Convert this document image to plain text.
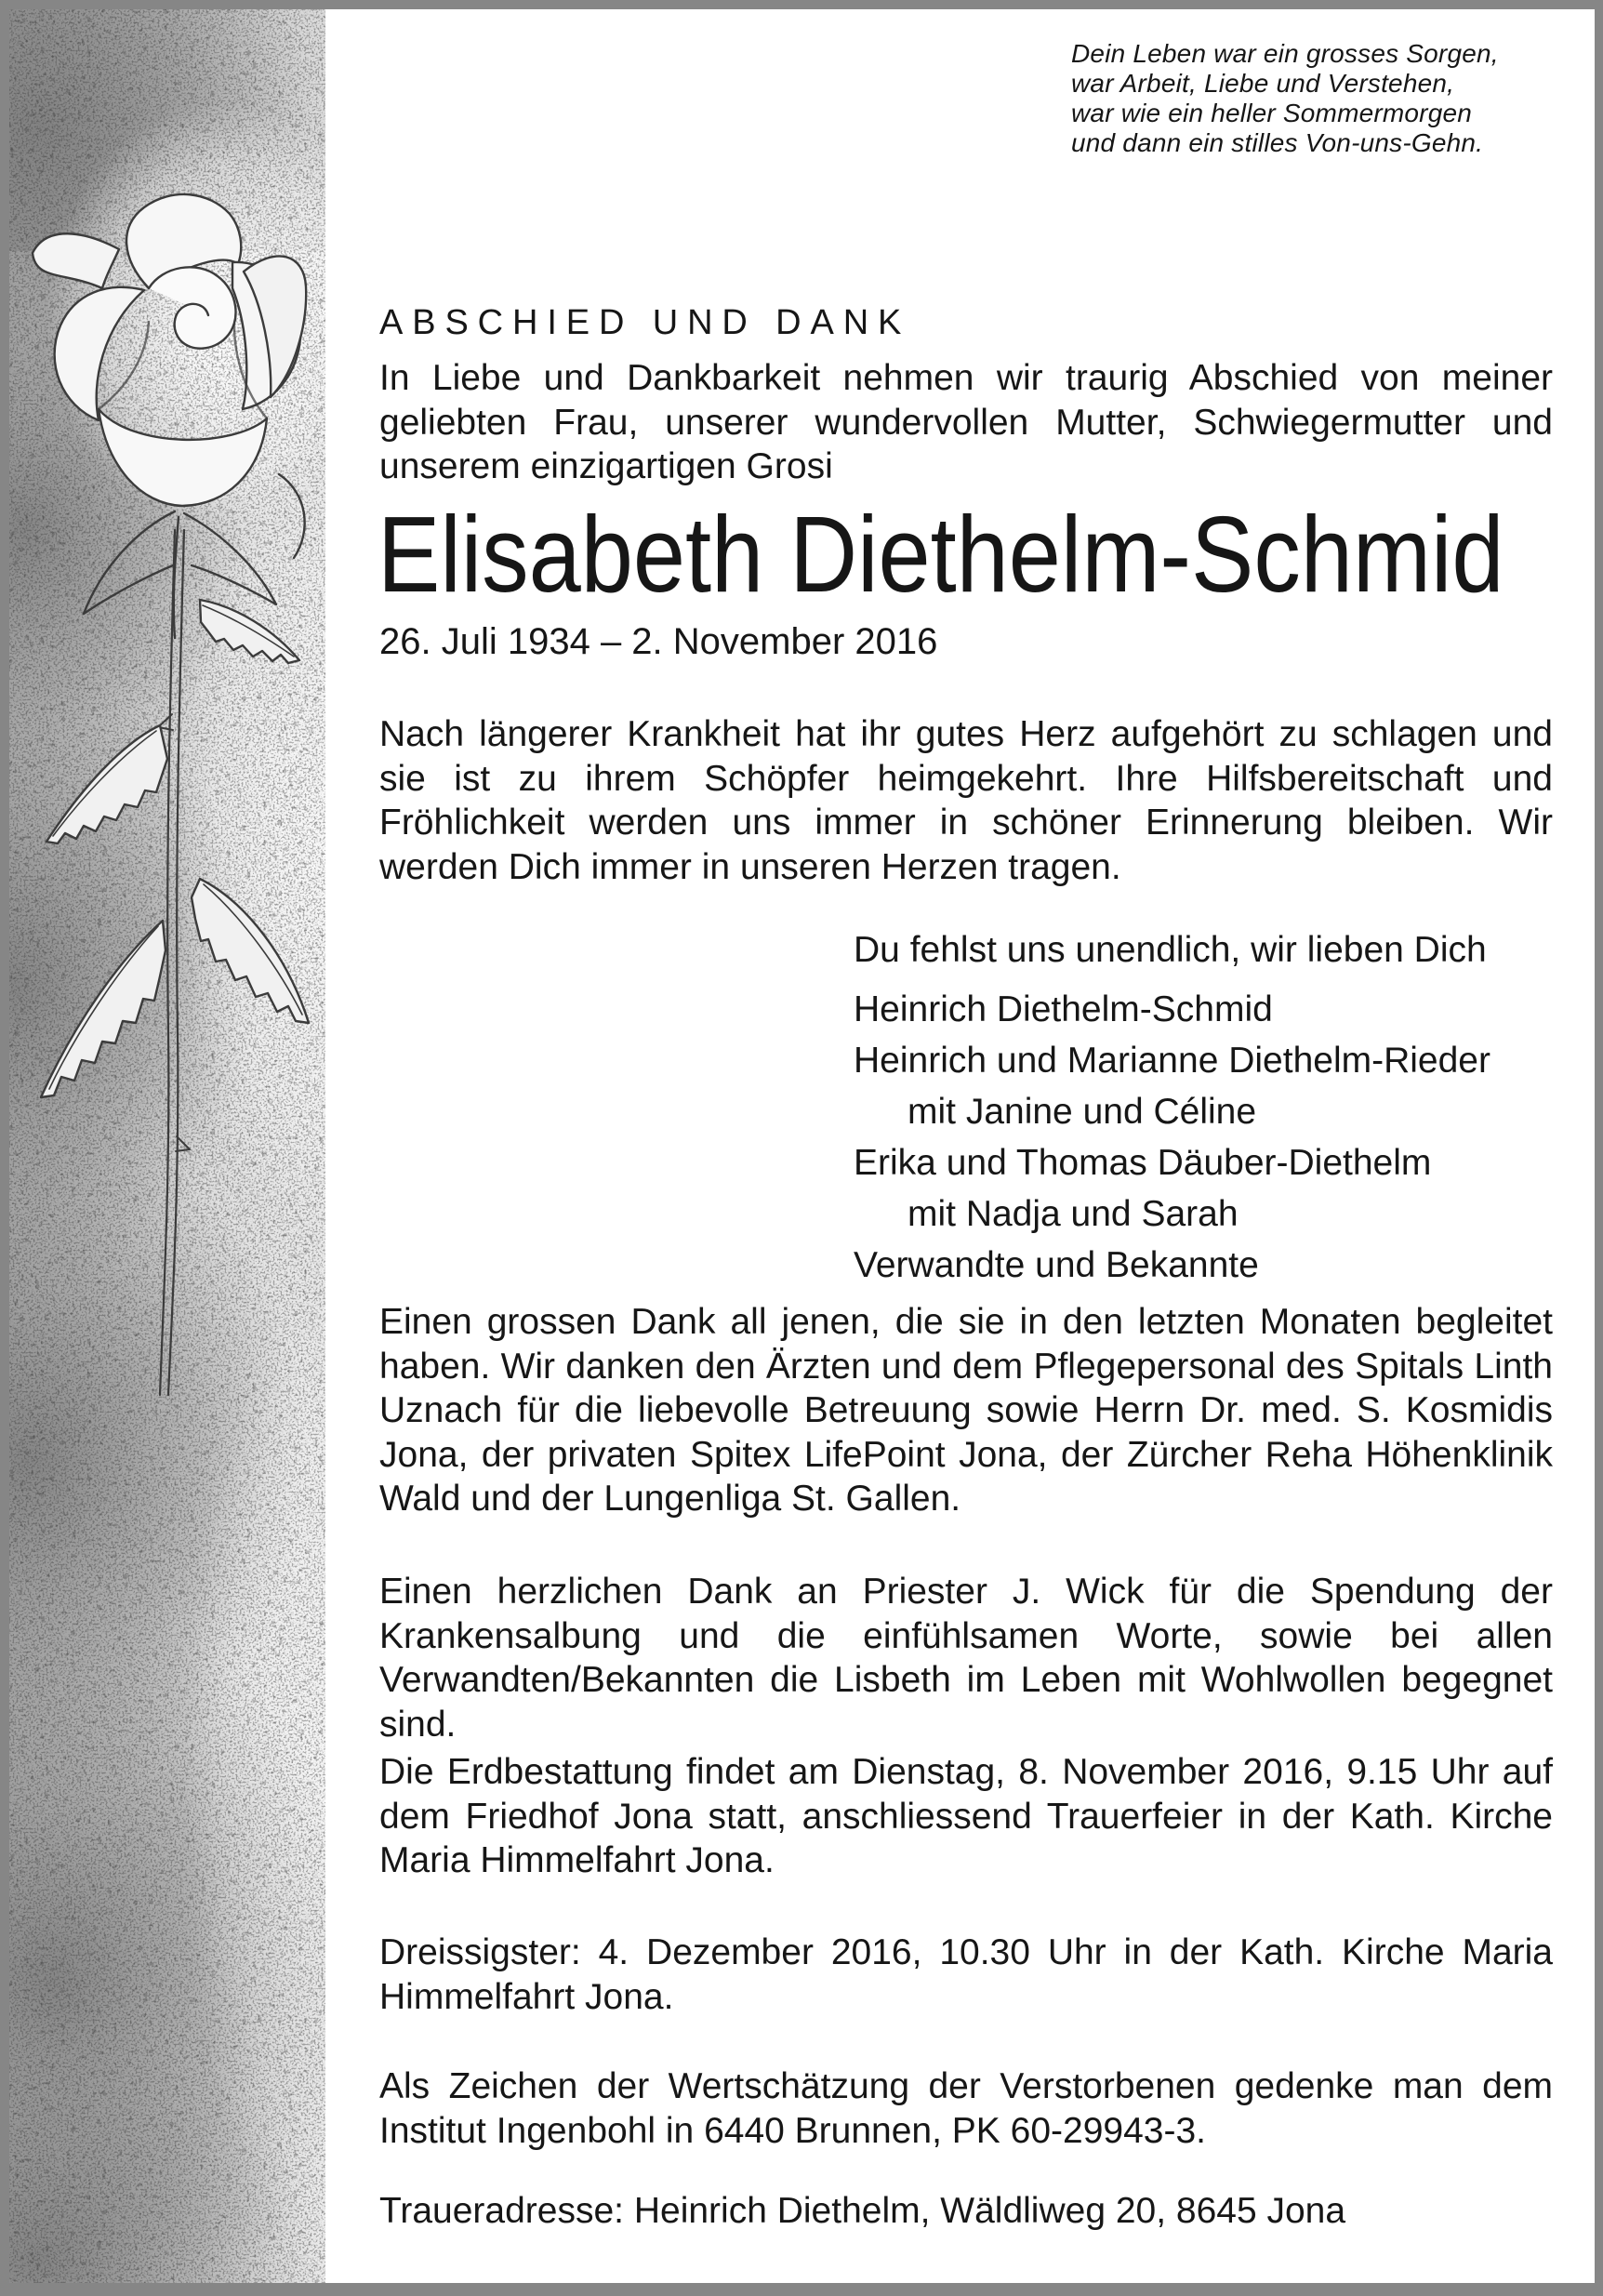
Dein Leben war ein grosses Sorgen,
war Arbeit, Liebe und Verstehen,
war wie ein heller Sommermorgen
und dann ein stilles Von-uns-Gehn.
ABSCHIED UND DANK
In Liebe und Dankbarkeit nehmen wir traurig Abschied von meiner geliebten Frau, unserer wundervollen Mutter, Schwiegermutter und unserem einzigartigen Grosi
Elisabeth Diethelm-Schmid
26. Juli 1934 – 2. November 2016
Nach längerer Krankheit hat ihr gutes Herz aufgehört zu schlagen und sie ist zu ihrem Schöpfer heimgekehrt. Ihre Hilfsbereitschaft und Fröhlichkeit werden uns immer in schöner Erinnerung bleiben. Wir werden Dich immer in unseren Herzen tragen.
Du fehlst uns unendlich, wir lieben Dich
Heinrich Diethelm-Schmid
Heinrich und Marianne Diethelm-Rieder
mit Janine und Céline
Erika und Thomas Däuber-Diethelm
mit Nadja und Sarah
Verwandte und Bekannte
Einen grossen Dank all jenen, die sie in den letzten Monaten begleitet haben. Wir danken den Ärzten und dem Pflegepersonal des Spitals Linth Uznach für die liebevolle Betreuung sowie Herrn Dr. med. S. Kosmidis Jona, der privaten Spitex LifePoint Jona, der Zürcher Reha Höhenklinik Wald und der Lungenliga St. Gallen.
Einen herzlichen Dank an Priester J. Wick für die Spendung der Krankensalbung und die einfühlsamen Worte, sowie bei allen Verwandten/Bekannten die Lisbeth im Leben mit Wohlwollen begegnet sind.
Die Erdbestattung findet am Dienstag, 8. November 2016, 9.15 Uhr auf dem Friedhof Jona statt, anschliessend Trauerfeier in der Kath. Kirche Maria Himmelfahrt Jona.
Dreissigster: 4. Dezember 2016, 10.30 Uhr in der Kath. Kirche Maria Himmelfahrt Jona.
Als Zeichen der Wertschätzung der Verstorbenen gedenke man dem Institut Ingenbohl in 6440 Brunnen, PK 60-29943-3.
Traueradresse: Heinrich Diethelm, Wäldliweg 20, 8645 Jona
